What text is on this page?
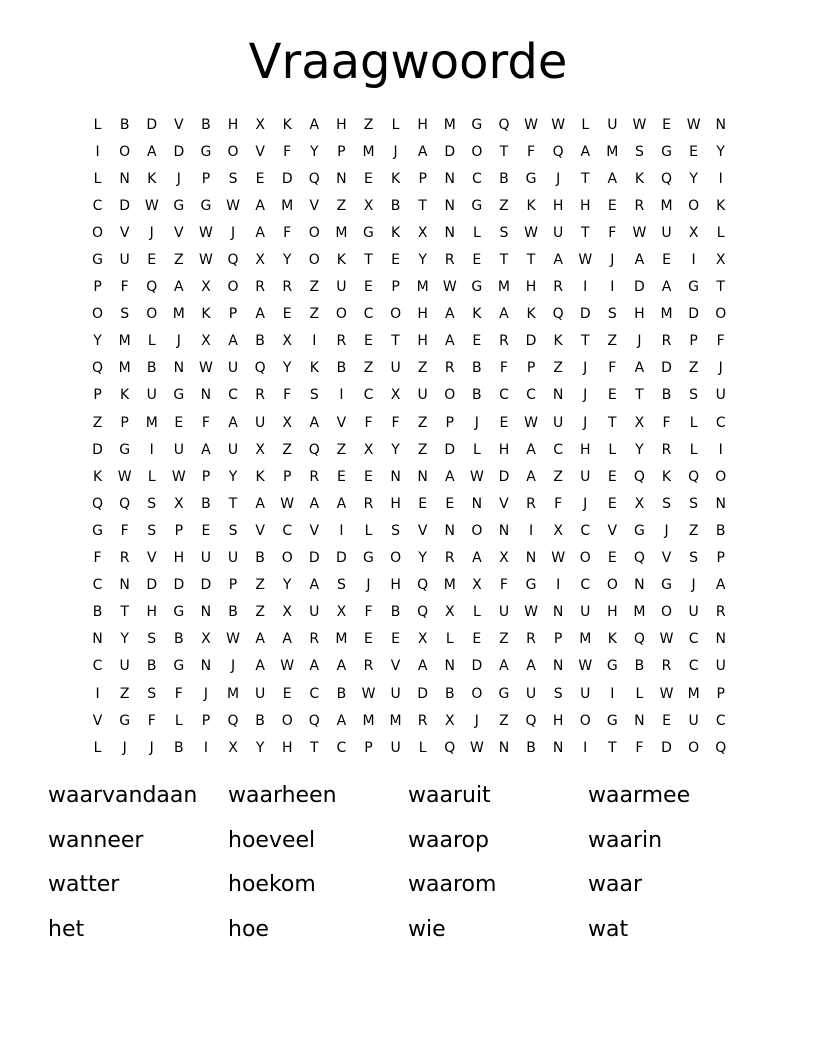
Vraagwoorde
L	B	D	V	B	H	X	K	A	H	Z	L	H	M	G	Q	W W	L	U	W	E	W	N
I	O	A	D	G	O	V	F	Y	P	M	J	A	D	O	T	F	Q	A	M	S	G	E	Y
L	N	K	J	P	S	E	D	Q	N	E	K	P	N	C	B	G	J	T	A	K	Q	Y	I
C	D	W	G	G	W	A	M	V	Z	X	B	T	N	G	Z	K	H	H	E	R	M	O	K
O	V	J	V	W	J	A	F	O	M	G	K	X	N	L	S	W	U	T	F	W	U	X	L
G	U	E	Z	W	Q	X	Y	O	K	T	E	Y	R	E	T	T	A	W	J	A	E	I	X
P	F	Q	A	X	O	R	R	Z	U	E	P	M	W	G	M	H	R	I	I	D	A	G	T
O	S	O	M	K	P	A	E	Z	O	C	O	H	A	K	A	K	Q	D	S	H	M	D	O
Y	M	L	J	X	A	B	X	I	R	E	T	H	A	E	R	D	K	T	Z	J	R	P	F
Q	M	B	N	W	U	Q	Y	K	B	Z	U	Z	R	B	F	P	Z	J	F	A	D	Z	J
P	K	U	G	N	C	R	F	S	I	C	X	U	O	B	C	C	N	J	E	T	B	S	U
Z	P	M	E	F	A	U	X	A	V	F	F	Z	P	J	E	W	U	J	T	X	F	L	C
D	G	I	U	A	U	X	Z	Q	Z	X	Y	Z	D	L	H	A	C	H	L	Y	R	L	I
K	W	L	W	P	Y	K	P	R	E	E	N	N	A	W	D	A	Z	U	E	Q	K	Q	O
Q	Q	S	X	B	T	A	W	A	A	R	H	E	E	N	V	R	F	J	E	X	S	S	N
G	F	S	P	E	S	V	C	V	I	L	S	V	N	O	N	I	X	C	V	G	J	Z	B
F	R	V	H	U	U	B	O	D	D	G	O	Y	R	A	X	N	W	O	E	Q	V	S	P
C	N	D	D	D	P	Z	Y	A	S	J	H	Q	M	X	F	G	I	C	O	N	G	J	A
B	T	H	G	N	B	Z	X	U	X	F	B	Q	X	L	U	W	N	U	H	M	O	U	R
N	Y	S	B	X	W	A	A	R	M	E	E	X	L	E	Z	R	P	M	K	Q	W	C	N
C	U	B	G	N	J	A	W	A	A	R	V	A	N	D	A	A	N	W	G	B	R	C	U
I	Z	S	F	J	M	U	E	C	B	W	U	D	B	O	G	U	S	U	I	L	W	M	P
V	G	F	L	P	Q	B	O	Q	A	M	M	R	X	J	Z	Q	H	O	G	N	E	U	C
L	J	J	B	I	X	Y	H	T	C	P	U	L	Q	W	N	B	N	I	T	F	D	O	Q
waarvandaan	waarheen	waaruit	waarmee
wanneer	hoeveel	waarop	waarin
watter	hoekom	waarom	waar
het	hoe	wie	wat
